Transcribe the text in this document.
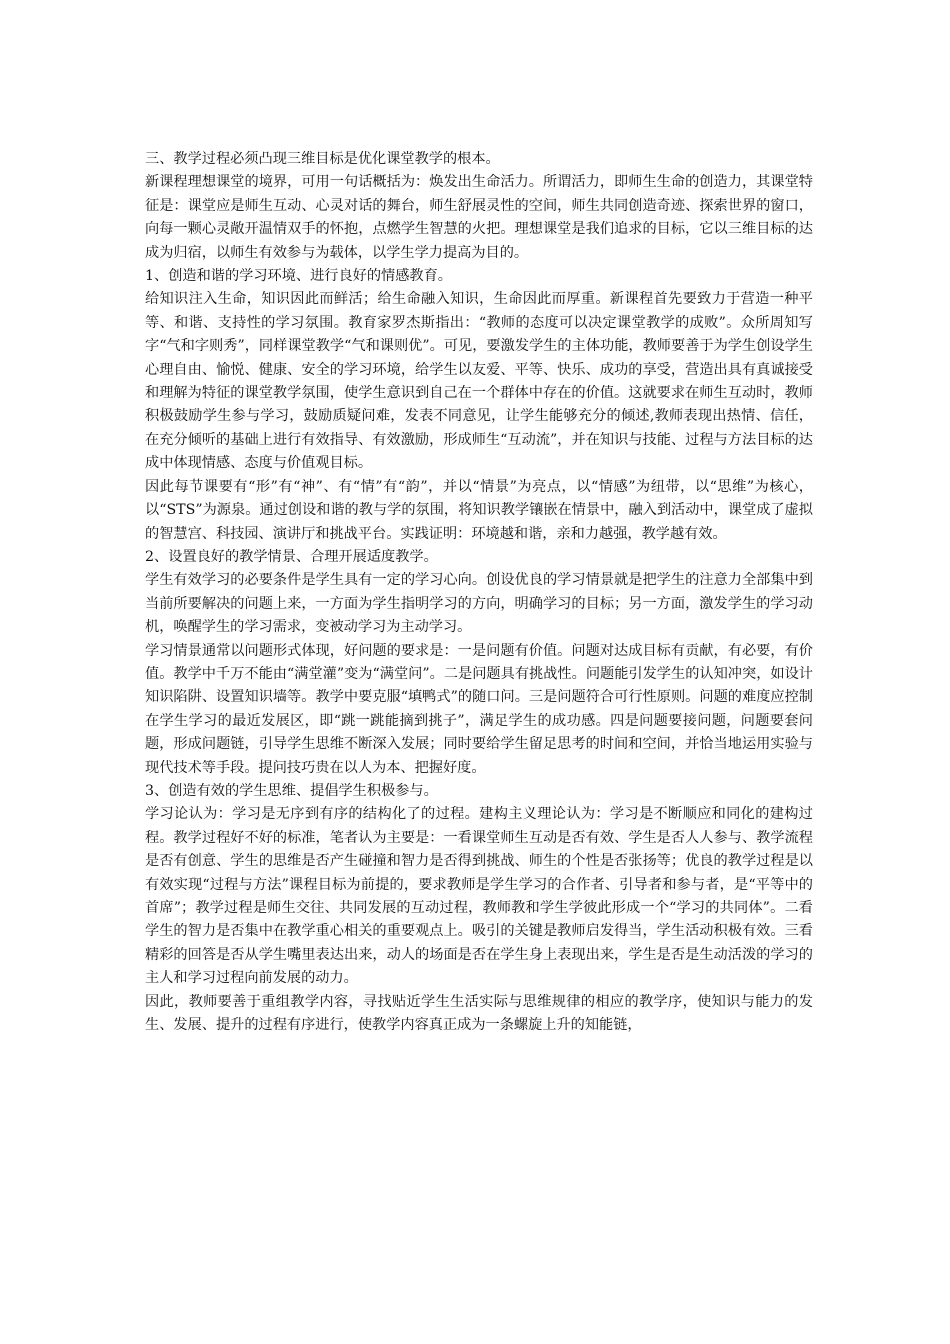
三、教学过程必须凸现三维目标是优化课堂教学的根本。

新课程理想课堂的境界，可用一句话概括为：焕发出生命活力。所谓活力，即师生生命的创造力，其课堂特征是：课堂应是师生互动、心灵对话的舞台，师生舒展灵性的空间，师生共同创造奇迹、探索世界的窗口，向每一颗心灵敞开温情双手的怀抱，点燃学生智慧的火把。理想课堂是我们追求的目标，它以三维目标的达成为归宿，以师生有效参与为载体，以学生学力提高为目的。

1、创造和谐的学习环境、进行良好的情感教育。

给知识注入生命，知识因此而鲜活；给生命融入知识，生命因此而厚重。新课程首先要致力于营造一种平等、和谐、支持性的学习氛围。教育家罗杰斯指出：“教师的态度可以决定课堂教学的成败”。众所周知写字“气和字则秀”，同样课堂教学“气和课则优”。可见，要激发学生的主体功能，教师要善于为学生创设学生心理自由、愉悦、健康、安全的学习环境，给学生以友爱、平等、快乐、成功的享受，营造出具有真诚接受和理解为特征的课堂教学氛围，使学生意识到自己在一个群体中存在的价值。这就要求在师生互动时，教师积极鼓励学生参与学习，鼓励质疑问难，发表不同意见，让学生能够充分的倾述,教师表现出热情、信任，在充分倾听的基础上进行有效指导、有效激励，形成师生“互动流”，并在知识与技能、过程与方法目标的达成中体现情感、态度与价值观目标。

因此每节课要有“形”有“神”、有“情”有“韵”，并以“情景”为亮点，以“情感”为纽带，以“思维”为核心，以“STS”为源泉。通过创设和谐的教与学的氛围，将知识教学镶嵌在情景中，融入到活动中，课堂成了虚拟的智慧宫、科技园、演讲厅和挑战平台。实践证明：环境越和谐，亲和力越强，教学越有效。

2、设置良好的教学情景、合理开展适度教学。

学生有效学习的必要条件是学生具有一定的学习心向。创设优良的学习情景就是把学生的注意力全部集中到当前所要解决的问题上来，一方面为学生指明学习的方向，明确学习的目标；另一方面，激发学生的学习动机，唤醒学生的学习需求，变被动学习为主动学习。

学习情景通常以问题形式体现，好问题的要求是：一是问题有价值。问题对达成目标有贡献，有必要，有价值。教学中千万不能由“满堂灌”变为“满堂问”。二是问题具有挑战性。问题能引发学生的认知冲突，如设计知识陷阱、设置知识墙等。教学中要克服“填鸭式”的随口问。三是问题符合可行性原则。问题的难度应控制在学生学习的最近发展区，即“跳一跳能摘到挑子”，满足学生的成功感。四是问题要接问题，问题要套问题，形成问题链，引导学生思维不断深入发展；同时要给学生留足思考的时间和空间，并恰当地运用实验与现代技术等手段。提问技巧贵在以人为本、把握好度。

3、创造有效的学生思维、提倡学生积极参与。

学习论认为：学习是无序到有序的结构化了的过程。建构主义理论认为：学习是不断顺应和同化的建构过程。教学过程好不好的标准，笔者认为主要是：一看课堂师生互动是否有效、学生是否人人参与、教学流程是否有创意、学生的思维是否产生碰撞和智力是否得到挑战、师生的个性是否张扬等；优良的教学过程是以有效实现“过程与方法”课程目标为前提的，要求教师是学生学习的合作者、引导者和参与者，是“平等中的首席”；教学过程是师生交往、共同发展的互动过程，教师教和学生学彼此形成一个“学习的共同体”。二看学生的智力是否集中在教学重心相关的重要观点上。吸引的关键是教师启发得当，学生活动积极有效。三看精彩的回答是否从学生嘴里表达出来，动人的场面是否在学生身上表现出来，学生是否是生动活泼的学习的主人和学习过程向前发展的动力。

因此，教师要善于重组教学内容，寻找贴近学生生活实际与思维规律的相应的教学序，使知识与能力的发生、发展、提升的过程有序进行，使教学内容真正成为一条螺旋上升的知能链，
